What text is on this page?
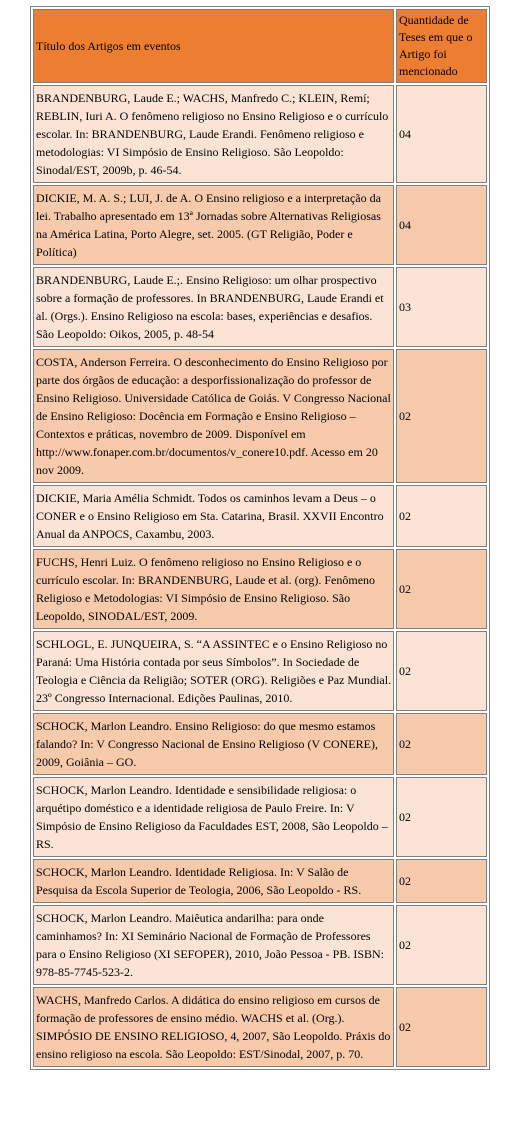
Título dos Artigos em eventos	Quantidade de Teses em que o Artigo foi mencionado
BRANDENBURG, Laude E.; WACHS, Manfredo C.; KLEIN, Remí; REBLIN, Iuri A. O fenômeno religioso no Ensino Religioso e o currículo escolar. In: BRANDENBURG, Laude Erandi. Fenômeno religioso e metodologias: VI Simpósio de Ensino Religioso. São Leopoldo: Sinodal/EST, 2009b, p. 46-54.	04
DICKIE, M. A. S.; LUI, J. de A. O Ensino religioso e a interpretação da lei. Trabalho apresentado em 13ª Jornadas sobre Alternativas Religiosas na América Latina, Porto Alegre, set. 2005. (GT Religião, Poder e Política)	04
BRANDENBURG, Laude E.;. Ensino Religioso: um olhar prospectivo sobre a formação de professores. In BRANDENBURG, Laude Erandi et al. (Orgs.). Ensino Religioso na escola: bases, experiências e desafios. São Leopoldo: Oikos, 2005, p. 48-54	03
COSTA, Anderson Ferreira. O desconhecimento do Ensino Religioso por parte dos órgãos de educação: a desporfissionalização do professor de Ensino Religioso. Universidade Católica de Goiás. V Congresso Nacional de Ensino Religioso: Docência em Formação e Ensino Religioso – Contextos e práticas, novembro de 2009. Disponível em http://www.fonaper.com.br/documentos/v_conere10.pdf. Acesso em 20 nov 2009.	02
DICKIE, Maria Amélia Schmidt. Todos os caminhos levam a Deus – o CONER e o Ensino Religioso em Sta. Catarina, Brasil. XXVII Encontro Anual da ANPOCS, Caxambu, 2003.	02
FUCHS, Henri Luiz. O fenômeno religioso no Ensino Religioso e o currículo escolar. In: BRANDENBURG, Laude et al. (org). Fenômeno Religioso e Metodologias: VI Simpósio de Ensino Religioso. São Leopoldo, SINODAL/EST, 2009.	02
SCHLOGL, E. JUNQUEIRA, S. “A ASSINTEC e o Ensino Religioso no Paraná: Uma História contada por seus Símbolos”. In Sociedade de Teologia e Ciência da Religião; SOTER (ORG). Religiões e Paz Mundial. 23º Congresso Internacional. Edições Paulinas, 2010.	02
SCHOCK, Marlon Leandro. Ensino Religioso: do que mesmo estamos falando? In: V Congresso Nacional de Ensino Religioso (V CONERE), 2009, Goiânia – GO.	02
SCHOCK, Marlon Leandro. Identidade e sensibilidade religiosa: o arquétipo doméstico e a identidade religiosa de Paulo Freire. In: V Simpósio de Ensino Religioso da Faculdades EST, 2008, São Leopoldo – RS.	02
SCHOCK, Marlon Leandro. Identidade Religiosa. In: V Salão de Pesquisa da Escola Superior de Teologia, 2006, São Leopoldo - RS.	02
SCHOCK, Marlon Leandro. Maiêutica andarilha: para onde caminhamos? In: XI Seminário Nacional de Formação de Professores para o Ensino Religioso (XI SEFOPER), 2010, João Pessoa - PB. ISBN: 978-85-7745-523-2.	02
WACHS, Manfredo Carlos. A didática do ensino religioso em cursos de formação de professores de ensino médio. WACHS et al. (Org.). SIMPÓSIO DE ENSINO RELIGIOSO, 4, 2007, São Leopoldo. Práxis do ensino religioso na escola. São Leopoldo: EST/Sinodal, 2007, p. 70.	02
